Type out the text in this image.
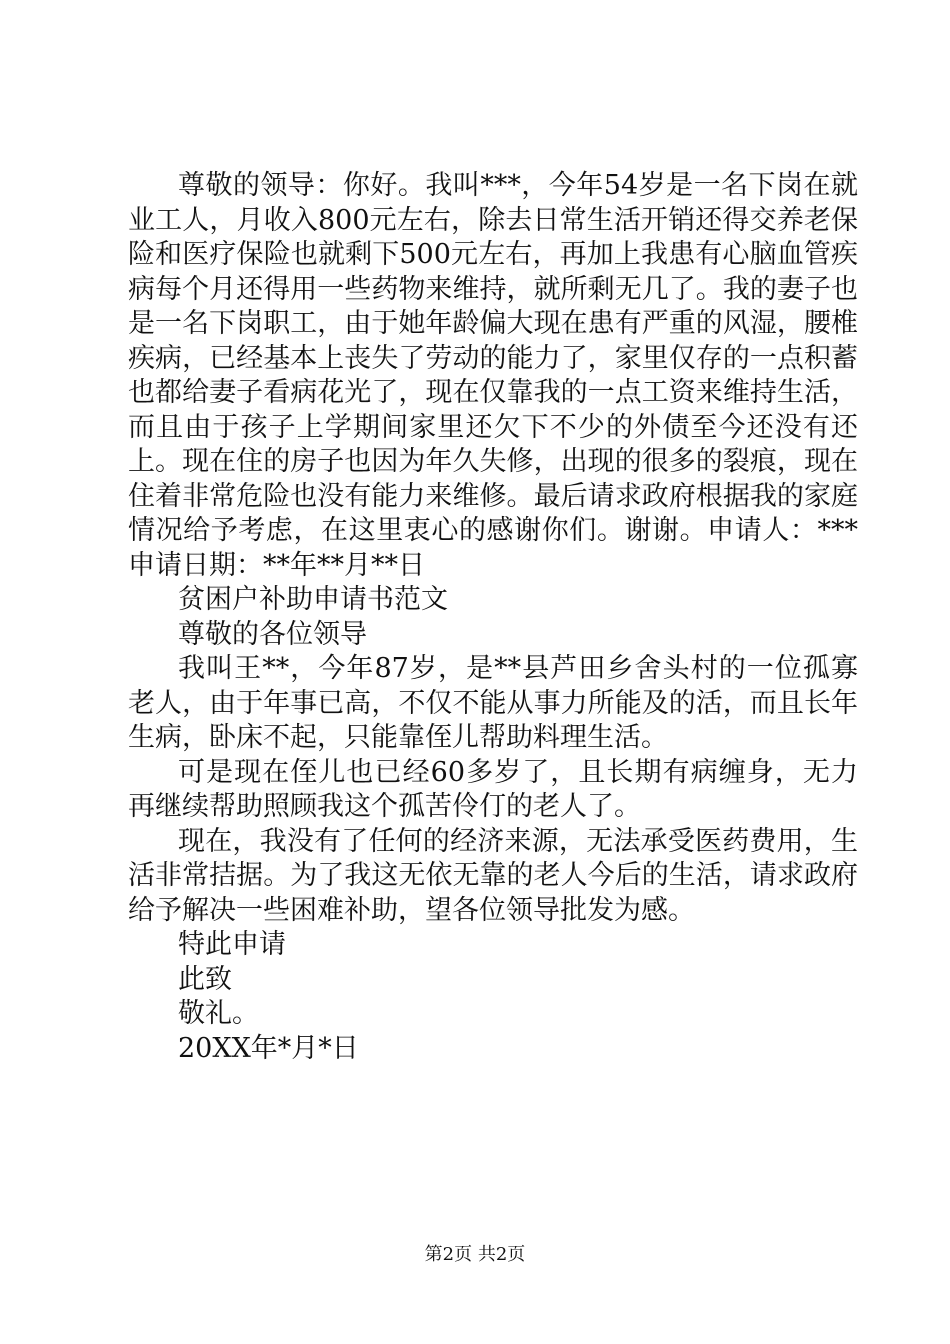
尊敬的领导：你好。我叫***，今年54岁是一名下岗在就业工人，月收入800元左右，除去日常生活开销还得交养老保险和医疗保险也就剩下500元左右，再加上我患有心脑血管疾病每个月还得用一些药物来维持，就所剩无几了。我的妻子也是一名下岗职工，由于她年龄偏大现在患有严重的风湿，腰椎疾病，已经基本上丧失了劳动的能力了，家里仅存的一点积蓄也都给妻子看病花光了，现在仅靠我的一点工资来维持生活，而且由于孩子上学期间家里还欠下不少的外债至今还没有还上。现在住的房子也因为年久失修，出现的很多的裂痕，现在住着非常危险也没有能力来维修。最后请求政府根据我的家庭情况给予考虑，在这里衷心的感谢你们。谢谢。申请人：***申请日期：**年**月**日

贫困户补助申请书范文

尊敬的各位领导

我叫王**，今年87岁，是**县芦田乡舍头村的一位孤寡老人，由于年事已高，不仅不能从事力所能及的活，而且长年生病，卧床不起，只能靠侄儿帮助料理生活。

可是现在侄儿也已经60多岁了，且长期有病缠身，无力再继续帮助照顾我这个孤苦伶仃的老人了。

现在，我没有了任何的经济来源，无法承受医药费用，生活非常拮据。为了我这无依无靠的老人今后的生活，请求政府给予解决一些困难补助，望各位领导批发为感。

特此申请

此致

敬礼。

20XX年*月*日

第2页 共2页
